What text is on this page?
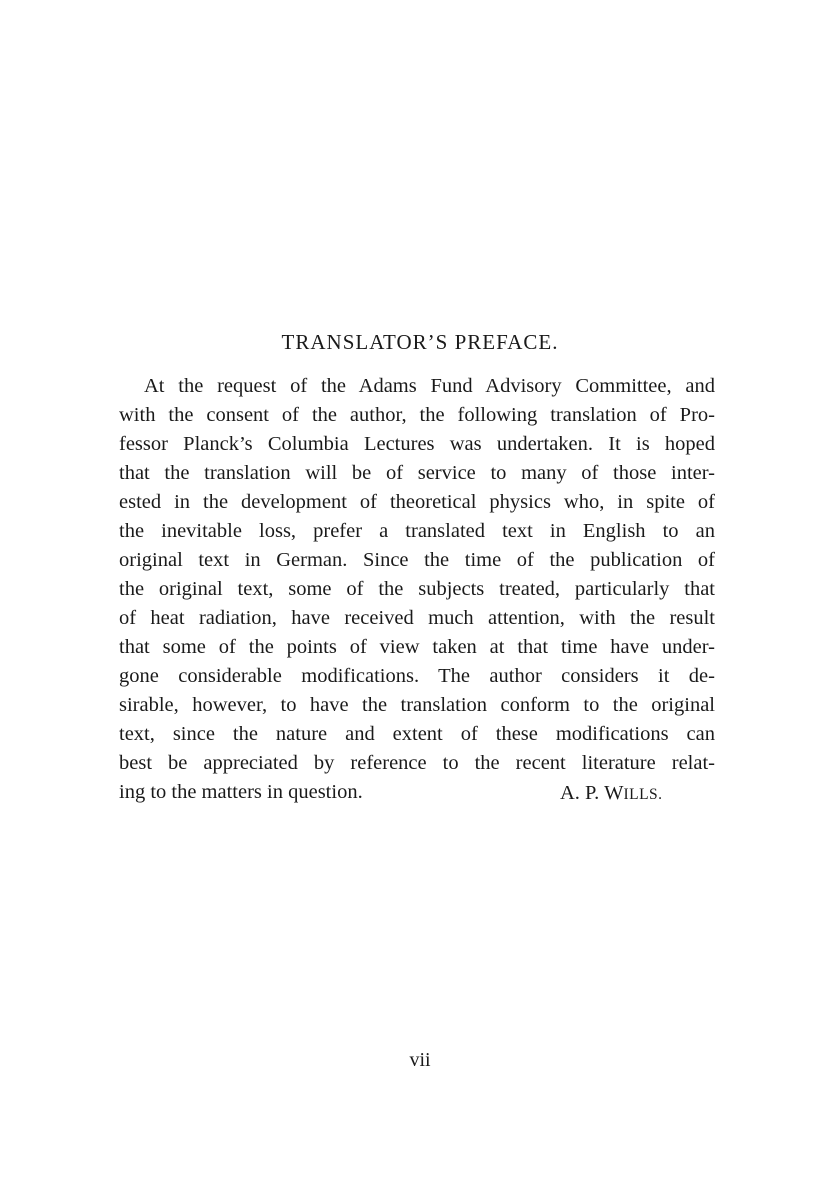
TRANSLATOR’S PREFACE.
At the request of the Adams Fund Advisory Committee, and
with the consent of the author, the following translation of Pro-
fessor Planck’s Columbia Lectures was undertaken. It is hoped
that the translation will be of service to many of those inter-
ested in the development of theoretical physics who, in spite of
the inevitable loss, prefer a translated text in English to an
original text in German. Since the time of the publication of
the original text, some of the subjects treated, particularly that
of heat radiation, have received much attention, with the result
that some of the points of view taken at that time have under-
gone considerable modifications. The author considers it de-
sirable, however, to have the translation conform to the original
text, since the nature and extent of these modifications can
best be appreciated by reference to the recent literature relat-
ing to the matters in question.	A. P. WILLS.
vii
